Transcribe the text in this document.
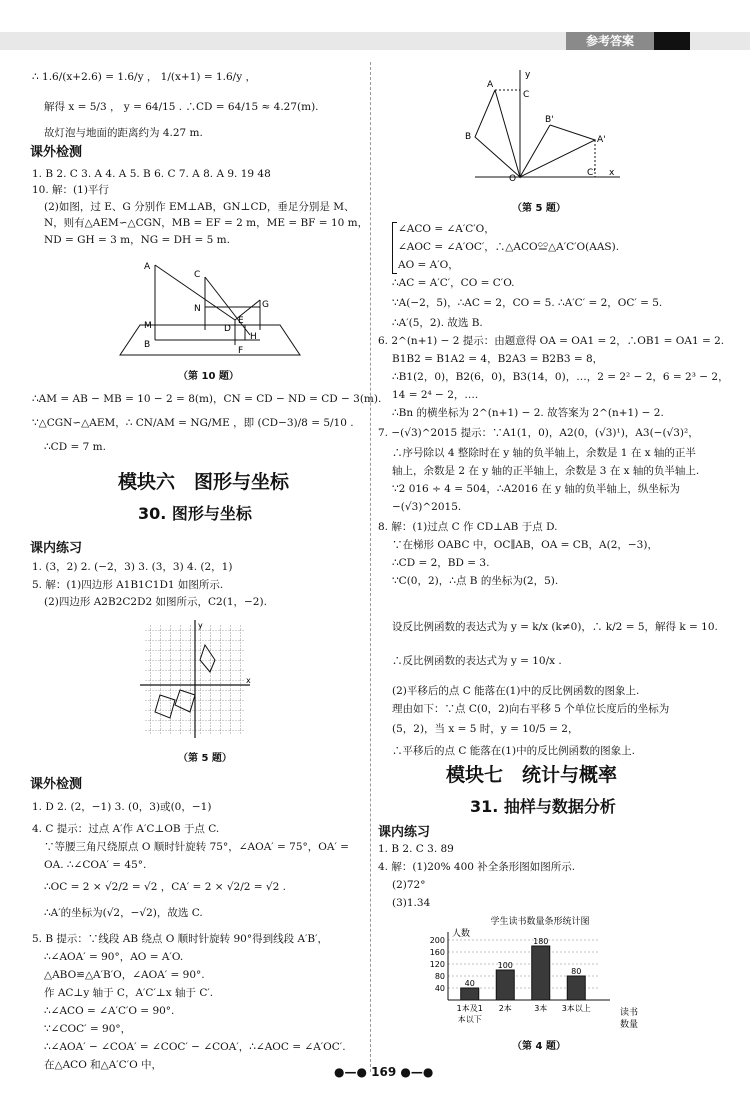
参考答案
∴ 1.6/(x+2.6) = 1.6/y ， 1/(x+1) = 1.6/y ，
解得 x = 5/3 ， y = 64/15 . ∴CD = 64/15 ≈ 4.27(m).
故灯泡与地面的距离约为 4.27 m.
课外检测
1. B 2. C 3. A 4. A 5. B 6. C 7. A 8. A 9. 19 48
10. 解：(1)平行
(2)如图，过 E、G 分别作 EM⊥AB，GN⊥CD，垂足分别是 M、
N，则有△AEM∽△CGN，MB = EF = 2 m，ME = BF = 10 m，
ND = GH = 3 m，NG = DH = 5 m.
A
C
M
B
N
D
G
E
H
F
（第 10 题）
∴AM = AB − MB = 10 − 2 = 8(m)，CN = CD − ND = CD − 3(m).
∵△CGN∽△AEM，∴ CN/AM = NG/ME ，即 (CD−3)/8 = 5/10 .
∴CD = 7 m.
模块六　图形与坐标
30. 图形与坐标
课内练习
1. (3，2) 2. (−2，3) 3. (3，3) 4. (2，1)
5. 解：(1)四边形 A1B1C1D1 如图所示.
(2)四边形 A2B2C2D2 如图所示，C2(1，−2).
y
x
（第 5 题）
课外检测
1. D 2. (2，−1) 3. (0，3)或(0，−1)
4. C 提示：过点 A′作 A′C⊥OB 于点 C.
∵等腰三角尺绕原点 O 顺时针旋转 75°，∠AOA′ = 75°，OA′ =
OA. ∴∠COA′ = 45°.
∴OC = 2 × √2/2 = √2 ，CA′ = 2 × √2/2 = √2 .
∴A′的坐标为(√2，−√2)，故选 C.
5. B 提示：∵线段 AB 绕点 O 顺时针旋转 90°得到线段 A′B′，
∴∠AOA′ = 90°，AO = A′O.
△ABO≌△A′B′O，∠AOA′ = 90°.
作 AC⊥y 轴于 C，A′C′⊥x 轴于 C′.
∴∠ACO = ∠A′C′O = 90°.
∵∠COC′ = 90°，
∴∠AOA′ − ∠COA′ = ∠COC′ − ∠COA′，∴∠AOC = ∠A′OC′.
在△ACO 和△A′C′O 中，
y
A
C
B
B'
A'
O
C' x
（第 5 题）
∠ACO = ∠A′C′O，
∠AOC = ∠A′OC′，∴△ACO≌△A′C′O(AAS).
AO = A′O，
∴AC = A′C′，CO = C′O.
∵A(−2，5)，∴AC = 2，CO = 5. ∴A′C′ = 2，OC′ = 5.
∴A′(5，2). 故选 B.
6. 2^(n+1) − 2 提示：由题意得 OA = OA1 = 2，∴OB1 = OA1 = 2.
B1B2 = B1A2 = 4，B2A3 = B2B3 = 8，
∴B1(2，0)，B2(6，0)，B3(14，0)，…，2 = 2² − 2，6 = 2³ − 2，
14 = 2⁴ − 2，….
∴Bn 的横坐标为 2^(n+1) − 2. 故答案为 2^(n+1) − 2.
7. −(√3)^2015 提示：∵A1(1，0)，A2(0，(√3)¹)，A3(−(√3)²，
∴序号除以 4 整除时在 y 轴的负半轴上，余数是 1 在 x 轴的正半
轴上，余数是 2 在 y 轴的正半轴上，余数是 3 在 x 轴的负半轴上.
∵2 016 ÷ 4 = 504，∴A2016 在 y 轴的负半轴上，纵坐标为
−(√3)^2015.
8. 解：(1)过点 C 作 CD⊥AB 于点 D.
∵在梯形 OABC 中，OC∥AB，OA = CB，A(2，−3)，
∴CD = 2，BD = 3.
∵C(0，2)，∴点 B 的坐标为(2，5).
设反比例函数的表达式为 y = k/x (k≠0)，∴ k/2 = 5，解得 k = 10.
∴反比例函数的表达式为 y = 10/x .
(2)平移后的点 C 能落在(1)中的反比例函数的图象上.
理由如下：∵点 C(0，2)向右平移 5 个单位长度后的坐标为
(5，2)，当 x = 5 时，y = 10/5 = 2，
∴平移后的点 C 能落在(1)中的反比例函数的图象上.
模块七　统计与概率
31. 抽样与数据分析
课内练习
1. B 2. C 3. 89
4. 解：(1)20% 400 补全条形图如图所示.
(2)72°
(3)1.34
学生读书数量条形统计图
人数
40
100
180
80
40
80
120
160
200
1本及1
本以下
2本	3本 3本以上	读书
数量
（第 4 题）
●—● 169 ●—●
